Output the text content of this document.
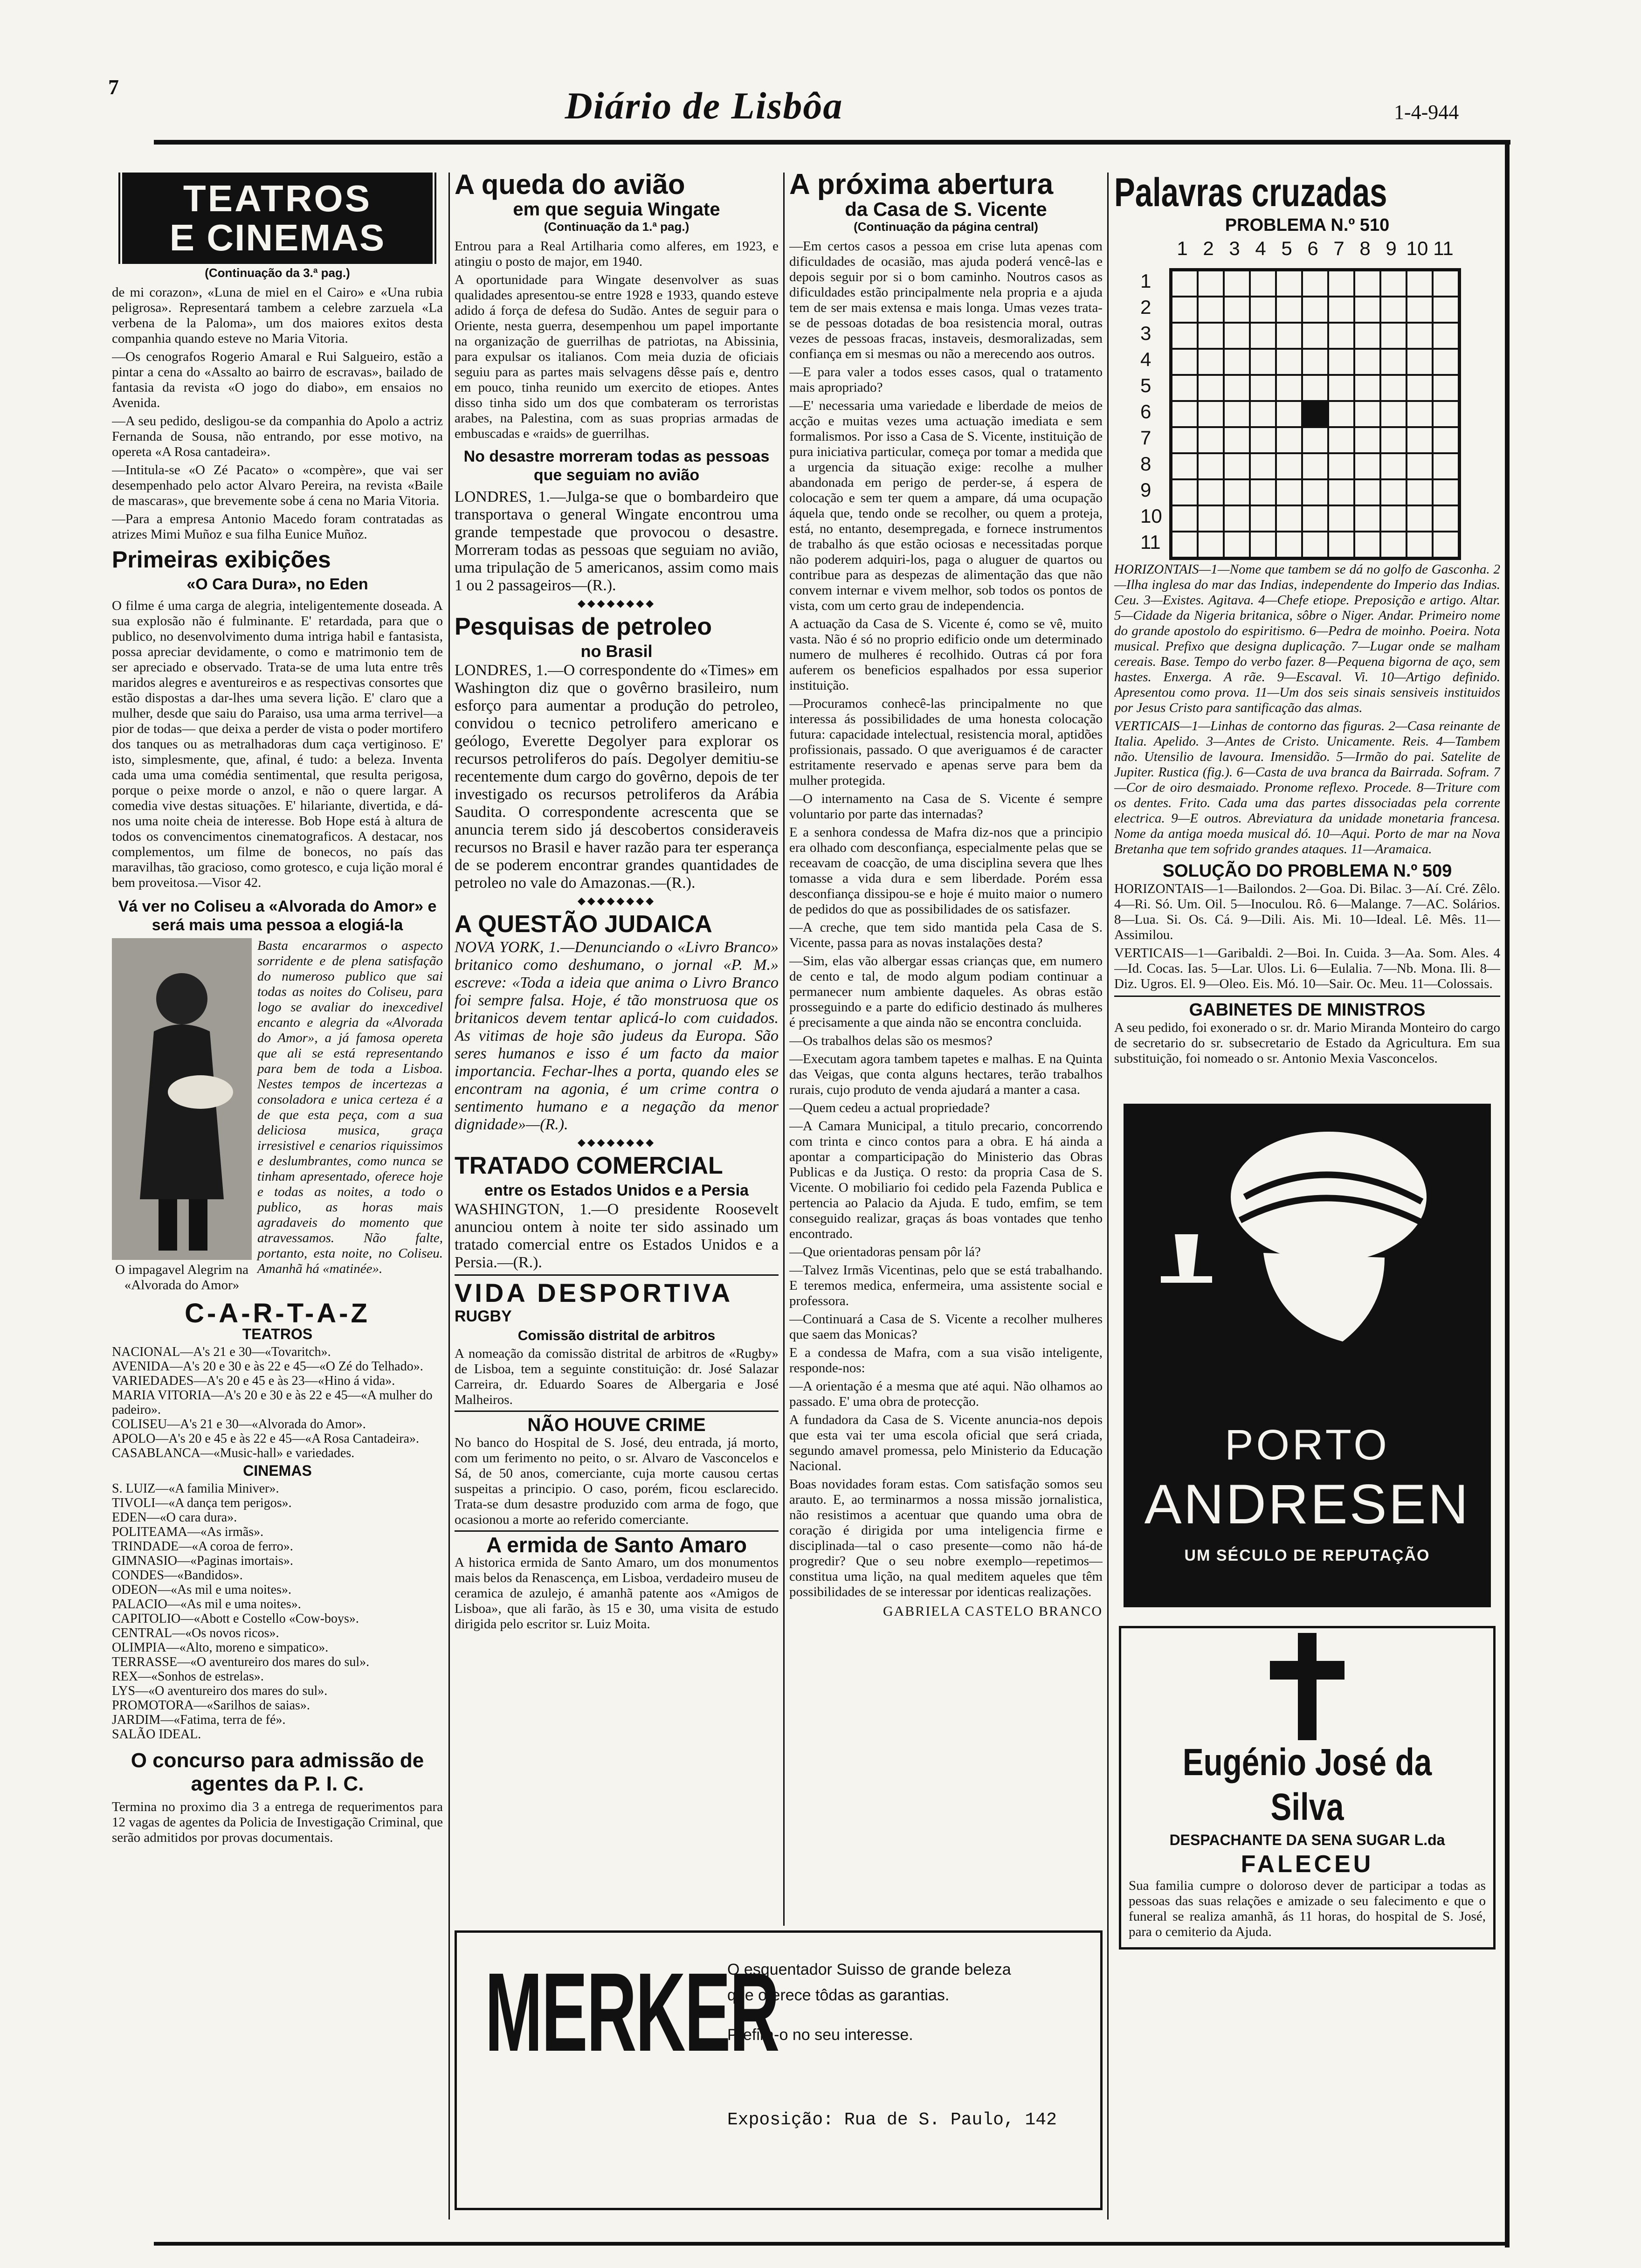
7	Diário de Lisbôa	1-4-944
TEATROS
E CINEMAS
(Continuação da 3.ª pag.)

de mi corazon», «Luna de miel en el Cairo» e «Una rubia peligrosa». Representará tambem a celebre zarzuela «La verbena de la Paloma», um dos maiores exitos desta companhia quando esteve no Maria Vitoria.

—Os cenografos Rogerio Amaral e Rui Salgueiro, estão a pintar a cena do «Assalto ao bairro de escravas», bailado de fantasia da revista «O jogo do diabo», em ensaios no Avenida.

—A seu pedido, desligou-se da companhia do Apolo a actriz Fernanda de Sousa, não entrando, por esse motivo, na opereta «A Rosa cantadeira».

—Intitula-se «O Zé Pacato» o «compère», que vai ser desempenhado pelo actor Alvaro Pereira, na revista «Baile de mascaras», que brevemente sobe á cena no Maria Vitoria.

—Para a empresa Antonio Macedo foram contratadas as atrizes Mimi Muñoz e sua filha Eunice Muñoz.

Primeiras exibições
«O Cara Dura», no Eden

O filme é uma carga de alegria, inteligentemente doseada. A sua explosão não é fulminante. E' retardada, para que o publico, no desenvolvimento duma intriga habil e fantasista, possa apreciar devidamente, o como e matrimonio tem de ser apreciado e observado. Trata-se de uma luta entre três maridos alegres e aventureiros e as respectivas consortes que estão dispostas a dar-lhes uma severa lição. E' claro que a mulher, desde que saiu do Paraiso, usa uma arma terrivel—a pior de todas— que deixa a perder de vista o poder mortifero dos tanques ou as metralhadoras dum caça vertiginoso. E' isto, simplesmente, que, afinal, é tudo: a beleza. Inventa cada uma uma comédia sentimental, que resulta perigosa, porque o peixe morde o anzol, e não o quere largar. A comedia vive destas situações. E' hilariante, divertida, e dá-nos uma noite cheia de interesse. Bob Hope está à altura de todos os convencimentos cinematograficos. A destacar, nos complementos, um filme de bonecos, no país das maravilhas, tão gracioso, como grotesco, e cuja lição moral é bem proveitosa.—Visor 42.

Vá ver no Coliseu a «Alvorada do Amor» e será mais uma pessoa a elogiá-la
O impagavel Alegrim na «Alvorada do Amor»

Basta encararmos o aspecto sorridente e de plena satisfação do numeroso publico que sai todas as noites do Coliseu, para logo se avaliar do inexcedivel encanto e alegria da «Alvorada do Amor», a já famosa opereta que ali se está representando para bem de toda a Lisboa. Nestes tempos de incertezas a consoladora e unica certeza é a de que esta peça, com a sua deliciosa musica, graça irresistivel e cenarios riquissimos e deslumbrantes, como nunca se tinham apresentado, oferece hoje e todas as noites, a todo o publico, as horas mais agradaveis do momento que atravessamos. Não falte, portanto, esta noite, no Coliseu. Amanhã há «matinée».

C-A-R-T-A-Z
TEATROS

NACIONAL—A's 21 e 30—«Tovaritch».

AVENIDA—A's 20 e 30 e às 22 e 45—«O Zé do Telhado».

VARIEDADES—A's 20 e 45 e às 23—«Hino á vida».

MARIA VITORIA—A's 20 e 30 e às 22 e 45—«A mulher do padeiro».

COLISEU—A's 21 e 30—«Alvorada do Amor».

APOLO—A's 20 e 45 e às 22 e 45—«A Rosa Cantadeira».

CASABLANCA—«Music-hall» e variedades.

CINEMAS

S. LUIZ—«A familia Miniver».

TIVOLI—«A dança tem perigos».

EDEN—«O cara dura».

POLITEAMA—«As irmãs».

TRINDADE—«A coroa de ferro».

GIMNASIO—«Paginas imortais».

CONDES—«Bandidos».

ODEON—«As mil e uma noites».

PALACIO—«As mil e uma noites».

CAPITOLIO—«Abott e Costello «Cow-boys».

CENTRAL—«Os novos ricos».

OLIMPIA—«Alto, moreno e simpatico».

TERRASSE—«O aventureiro dos mares do sul».

REX—«Sonhos de estrelas».

LYS—«O aventureiro dos mares do sul».

PROMOTORA—«Sarilhos de saias».

JARDIM—«Fatima, terra de fé».

SALÃO IDEAL.

O concurso para admissão de agentes da P. I. C.

Termina no proximo dia 3 a entrega de requerimentos para 12 vagas de agentes da Policia de Investigação Criminal, que serão admitidos por provas documentais.

A queda do avião
em que seguia Wingate
(Continuação da 1.ª pag.)

Entrou para a Real Artilharia como alferes, em 1923, e atingiu o posto de major, em 1940.

A oportunidade para Wingate desenvolver as suas qualidades apresentou-se entre 1928 e 1933, quando esteve adido á força de defesa do Sudão. Antes de seguir para o Oriente, nesta guerra, desempenhou um papel importante na organização de guerrilhas de patriotas, na Abissinia, para expulsar os italianos. Com meia duzia de oficiais seguiu para as partes mais selvagens dêsse país e, dentro em pouco, tinha reunido um exercito de etiopes. Antes disso tinha sido um dos que combateram os terroristas arabes, na Palestina, com as suas proprias armadas de embuscadas e «raids» de guerrilhas.

No desastre morreram todas as pessoas que seguiam no avião

LONDRES, 1.—Julga-se que o bombardeiro que transportava o general Wingate encontrou uma grande tempestade que provocou o desastre. Morreram todas as pessoas que seguiam no avião, uma tripulação de 5 americanos, assim como mais 1 ou 2 passageiros—(R.).

◆◆◆◆◆◆◆◆
Pesquisas de petroleo
no Brasil

LONDRES, 1.—O correspondente do «Times» em Washington diz que o govêrno brasileiro, num esforço para aumentar a produção do petroleo, convidou o tecnico petrolifero americano e geólogo, Everette Degolyer para explorar os recursos petroliferos do país. Degolyer demitiu-se recentemente dum cargo do govêrno, depois de ter investigado os recursos petroliferos da Arábia Saudita. O correspondente acrescenta que se anuncia terem sido já descobertos consideraveis recursos no Brasil e haver razão para ter esperança de se poderem encontrar grandes quantidades de petroleo no vale do Amazonas.—(R.).

◆◆◆◆◆◆◆◆
A QUESTÃO JUDAICA

NOVA YORK, 1.—Denunciando o «Livro Branco» britanico como deshumano, o jornal «P. M.» escreve: «Toda a ideia que anima o Livro Branco foi sempre falsa. Hoje, é tão monstruosa que os britanicos devem tentar aplicá-lo com cuidados. As vitimas de hoje são judeus da Europa. São seres humanos e isso é um facto da maior importancia. Fechar-lhes a porta, quando eles se encontram na agonia, é um crime contra o sentimento humano e a negação da menor dignidade»—(R.).

◆◆◆◆◆◆◆◆
TRATADO COMERCIAL
entre os Estados Unidos e a Persia

WASHINGTON, 1.—O presidente Roosevelt anunciou ontem à noite ter sido assinado um tratado comercial entre os Estados Unidos e a Persia.—(R.).

VIDA DESPORTIVA
RUGBY
Comissão distrital de arbitros

A nomeação da comissão distrital de arbitros de «Rugby» de Lisboa, tem a seguinte constituição: dr. José Salazar Carreira, dr. Eduardo Soares de Albergaria e José Malheiros.

NÃO HOUVE CRIME

No banco do Hospital de S. José, deu entrada, já morto, com um ferimento no peito, o sr. Alvaro de Vasconcelos e Sá, de 50 anos, comerciante, cuja morte causou certas suspeitas a principio. O caso, porém, ficou esclarecido. Trata-se dum desastre produzido com arma de fogo, que ocasionou a morte ao referido comerciante.

A ermida de Santo Amaro

A historica ermida de Santo Amaro, um dos monumentos mais belos da Renascença, em Lisboa, verdadeiro museu de ceramica de azulejo, é amanhã patente aos «Amigos de Lisboa», que ali farão, às 15 e 30, uma visita de estudo dirigida pelo escritor sr. Luiz Moita.

A próxima abertura
da Casa de S. Vicente
(Continuação da página central)

—Em certos casos a pessoa em crise luta apenas com dificuldades de ocasião, mas ajuda poderá vencê-las e depois seguir por si o bom caminho. Noutros casos as dificuldades estão principalmente nela propria e a ajuda tem de ser mais extensa e mais longa. Umas vezes trata-se de pessoas dotadas de boa resistencia moral, outras vezes de pessoas fracas, instaveis, desmoralizadas, sem confiança em si mesmas ou não a merecendo aos outros.

—E para valer a todos esses casos, qual o tratamento mais apropriado?

—E' necessaria uma variedade e liberdade de meios de acção e muitas vezes uma actuação imediata e sem formalismos. Por isso a Casa de S. Vicente, instituição de pura iniciativa particular, começa por tomar a medida que a urgencia da situação exige: recolhe a mulher abandonada em perigo de perder-se, á espera de colocação e sem ter quem a ampare, dá uma ocupação áquela que, tendo onde se recolher, ou quem a proteja, está, no entanto, desempregada, e fornece instrumentos de trabalho ás que estão ociosas e necessitadas porque não poderem adquiri-los, paga o aluguer de quartos ou contribue para as despezas de alimentação das que não convem internar e vivem melhor, sob todos os pontos de vista, com um certo grau de independencia.

A actuação da Casa de S. Vicente é, como se vê, muito vasta. Não é só no proprio edificio onde um determinado numero de mulheres é recolhido. Outras cá por fora auferem os beneficios espalhados por essa superior instituição.

—Procuramos conhecê-las principalmente no que interessa ás possibilidades de uma honesta colocação futura: capacidade intelectual, resistencia moral, aptidões profissionais, passado. O que averiguamos é de caracter estritamente reservado e apenas serve para bem da mulher protegida.

—O internamento na Casa de S. Vicente é sempre voluntario por parte das internadas?

E a senhora condessa de Mafra diz-nos que a principio era olhado com desconfiança, especialmente pelas que se receavam de coacção, de uma disciplina severa que lhes tomasse a vida dura e sem liberdade. Porém essa desconfiança dissipou-se e hoje é muito maior o numero de pedidos do que as possibilidades de os satisfazer.

—A creche, que tem sido mantida pela Casa de S. Vicente, passa para as novas instalações desta?

—Sim, elas vão albergar essas crianças que, em numero de cento e tal, de modo algum podiam continuar a permanecer num ambiente daqueles. As obras estão prosseguindo e a parte do edificio destinado ás mulheres é precisamente a que ainda não se encontra concluida.

—Os trabalhos delas são os mesmos?

—Executam agora tambem tapetes e malhas. E na Quinta das Veigas, que conta alguns hectares, terão trabalhos rurais, cujo produto de venda ajudará a manter a casa.

—Quem cedeu a actual propriedade?

—A Camara Municipal, a titulo precario, concorrendo com trinta e cinco contos para a obra. E há ainda a apontar a comparticipação do Ministerio das Obras Publicas e da Justiça. O resto: da propria Casa de S. Vicente. O mobiliario foi cedido pela Fazenda Publica e pertencia ao Palacio da Ajuda. E tudo, emfim, se tem conseguido realizar, graças ás boas vontades que tenho encontrado.

—Que orientadoras pensam pôr lá?

—Talvez Irmãs Vicentinas, pelo que se está trabalhando. E teremos medica, enfermeira, uma assistente social e professora.

—Continuará a Casa de S. Vicente a recolher mulheres que saem das Monicas?

E a condessa de Mafra, com a sua visão inteligente, responde-nos:

—A orientação é a mesma que até aqui. Não olhamos ao passado. E' uma obra de protecção.

A fundadora da Casa de S. Vicente anuncia-nos depois que esta vai ter uma escola oficial que será criada, segundo amavel promessa, pelo Ministerio da Educação Nacional.

Boas novidades foram estas. Com satisfação somos seu arauto. E, ao terminarmos a nossa missão jornalistica, não resistimos a acentuar que quando uma obra de coração é dirigida por uma inteligencia firme e disciplinada—tal o caso presente—como não há-de progredir? Que o seu nobre exemplo—repetimos—constitua uma lição, na qual meditem aqueles que têm possibilidades de se interessar por identicas realizações.

GABRIELA CASTELO BRANCO
MERKER
O esquentador Suisso de grande beleza
que oferece tôdas as garantias.
Prefira-o no seu interesse.
Exposição: Rua de S. Paulo, 142
Palavras cruzadas
PROBLEMA N.º 510
1 2 3 4 5 6 7 8 9 10 11
1
2
3
4
5
6
7
8
9
10
11

HORIZONTAIS—1—Nome que tambem se dá no golfo de Gasconha. 2—Ilha inglesa do mar das Indias, independente do Imperio das Indias. Ceu. 3—Existes. Agitava. 4—Chefe etiope. Preposição e artigo. Altar. 5—Cidade da Nigeria britanica, sôbre o Niger. Andar. Primeiro nome do grande apostolo do espiritismo. 6—Pedra de moinho. Poeira. Nota musical. Prefixo que designa duplicação. 7—Lugar onde se malham cereais. Base. Tempo do verbo fazer. 8—Pequena bigorna de aço, sem hastes. Enxerga. A rãe. 9—Escaval. Vi. 10—Artigo definido. Apresentou como prova. 11—Um dos seis sinais sensiveis instituidos por Jesus Cristo para santificação das almas.

VERTICAIS—1—Linhas de contorno das figuras. 2—Casa reinante de Italia. Apelido. 3—Antes de Cristo. Unicamente. Reis. 4—Tambem não. Utensilio de lavoura. Imensidão. 5—Irmão do pai. Satelite de Jupiter. Rustica (fig.). 6—Casta de uva branca da Bairrada. Sofram. 7—Cor de oiro desmaiado. Pronome reflexo. Procede. 8—Triture com os dentes. Frito. Cada uma das partes dissociadas pela corrente electrica. 9—E outros. Abreviatura da unidade monetaria francesa. Nome da antiga moeda musical dó. 10—Aqui. Porto de mar na Nova Bretanha que tem sofrido grandes ataques. 11—Aramaica.

SOLUÇÃO DO PROBLEMA N.º 509

HORIZONTAIS—1—Bailondos. 2—Goa. Di. Bilac. 3—Aí. Cré. Zêlo. 4—Ri. Só. Um. Oil. 5—Inoculou. Rô. 6—Malange. 7—AC. Solários. 8—Lua. Si. Os. Cá. 9—Dili. Ais. Mi. 10—Ideal. Lê. Mês. 11—Assimilou.

VERTICAIS—1—Garibaldi. 2—Boi. In. Cuida. 3—Aa. Som. Ales. 4—Id. Cocas. Ias. 5—Lar. Ulos. Li. 6—Eulalia. 7—Nb. Mona. Ili. 8—Diz. Ugros. El. 9—Oleo. Eis. Mó. 10—Sair. Oc. Meu. 11—Colossais.

GABINETES DE MINISTROS

A seu pedido, foi exonerado o sr. dr. Mario Miranda Monteiro do cargo de secretario do sr. subsecretario de Estado da Agricultura. Em sua substituição, foi nomeado o sr. Antonio Mexia Vasconcelos.

PORTO
ANDRESEN
UM SÉCULO DE REPUTAÇÃO
Eugénio José da Silva
DESPACHANTE DA SENA SUGAR L.da
FALECEU

Sua familia cumpre o doloroso dever de participar a todas as pessoas das suas relações e amizade o seu falecimento e que o funeral se realiza amanhã, ás 11 horas, do hospital de S. José, para o cemiterio da Ajuda.
